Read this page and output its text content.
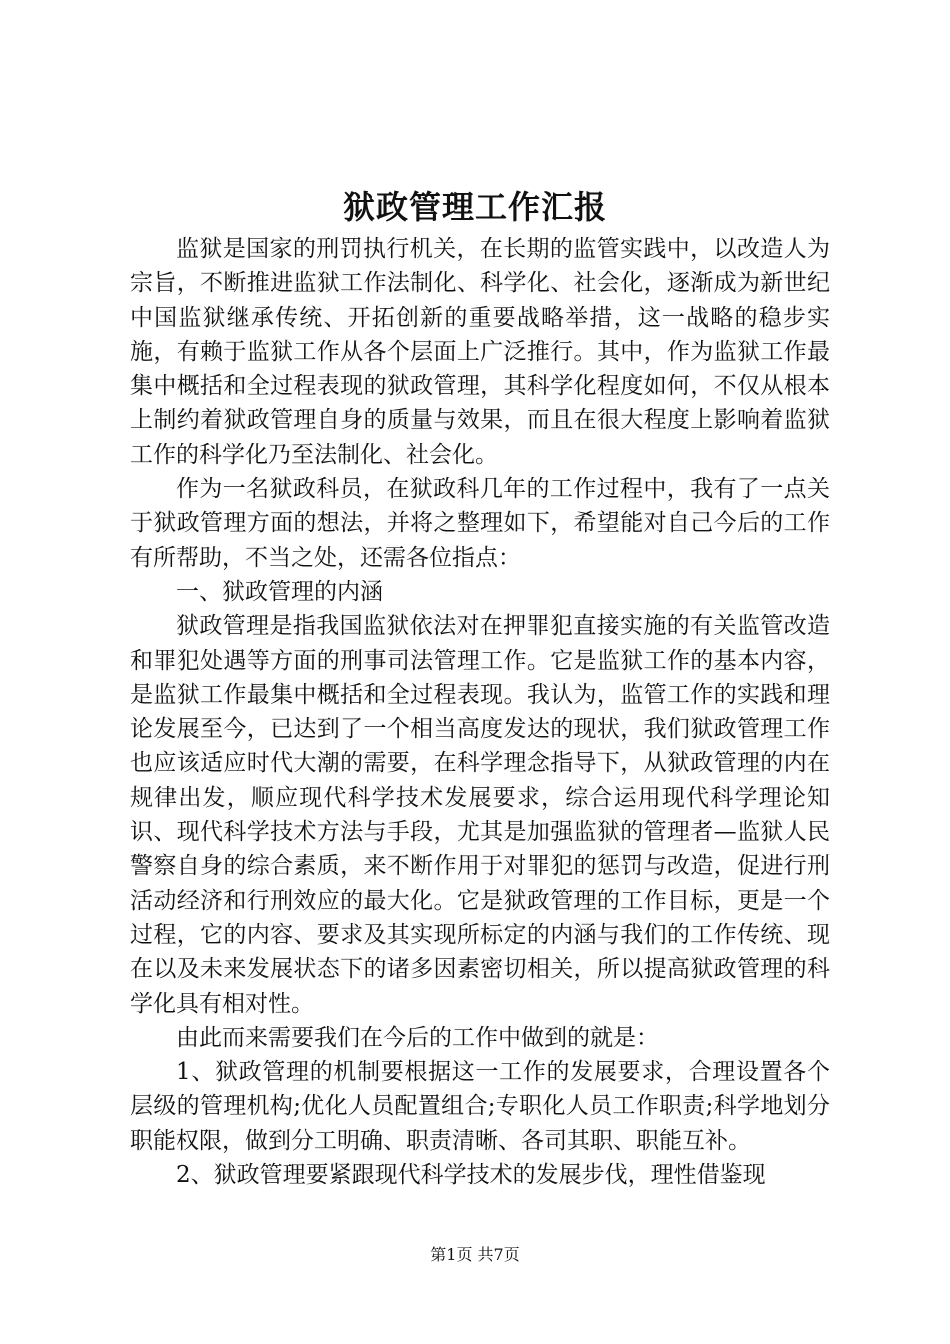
狱政管理工作汇报

监狱是国家的刑罚执行机关，在长期的监管实践中，以改造人为宗旨，不断推进监狱工作法制化、科学化、社会化，逐渐成为新世纪中国监狱继承传统、开拓创新的重要战略举措，这一战略的稳步实施，有赖于监狱工作从各个层面上广泛推行。其中，作为监狱工作最集中概括和全过程表现的狱政管理，其科学化程度如何，不仅从根本上制约着狱政管理自身的质量与效果，而且在很大程度上影响着监狱工作的科学化乃至法制化、社会化。

作为一名狱政科员，在狱政科几年的工作过程中，我有了一点关于狱政管理方面的想法，并将之整理如下，希望能对自己今后的工作有所帮助，不当之处，还需各位指点：

一、狱政管理的内涵

狱政管理是指我国监狱依法对在押罪犯直接实施的有关监管改造和罪犯处遇等方面的刑事司法管理工作。它是监狱工作的基本内容，是监狱工作最集中概括和全过程表现。我认为，监管工作的实践和理论发展至今，已达到了一个相当高度发达的现状，我们狱政管理工作也应该适应时代大潮的需要，在科学理念指导下，从狱政管理的内在规律出发，顺应现代科学技术发展要求，综合运用现代科学理论知识、现代科学技术方法与手段，尤其是加强监狱的管理者—监狱人民警察自身的综合素质，来不断作用于对罪犯的惩罚与改造，促进行刑活动经济和行刑效应的最大化。它是狱政管理的工作目标，更是一个过程，它的内容、要求及其实现所标定的内涵与我们的工作传统、现在以及未来发展状态下的诸多因素密切相关，所以提高狱政管理的科学化具有相对性。

由此而来需要我们在今后的工作中做到的就是：

1、狱政管理的机制要根据这一工作的发展要求，合理设置各个层级的管理机构;优化人员配置组合;专职化人员工作职责;科学地划分职能权限，做到分工明确、职责清晰、各司其职、职能互补。

2、狱政管理要紧跟现代科学技术的发展步伐，理性借鉴现

第1页 共7页
